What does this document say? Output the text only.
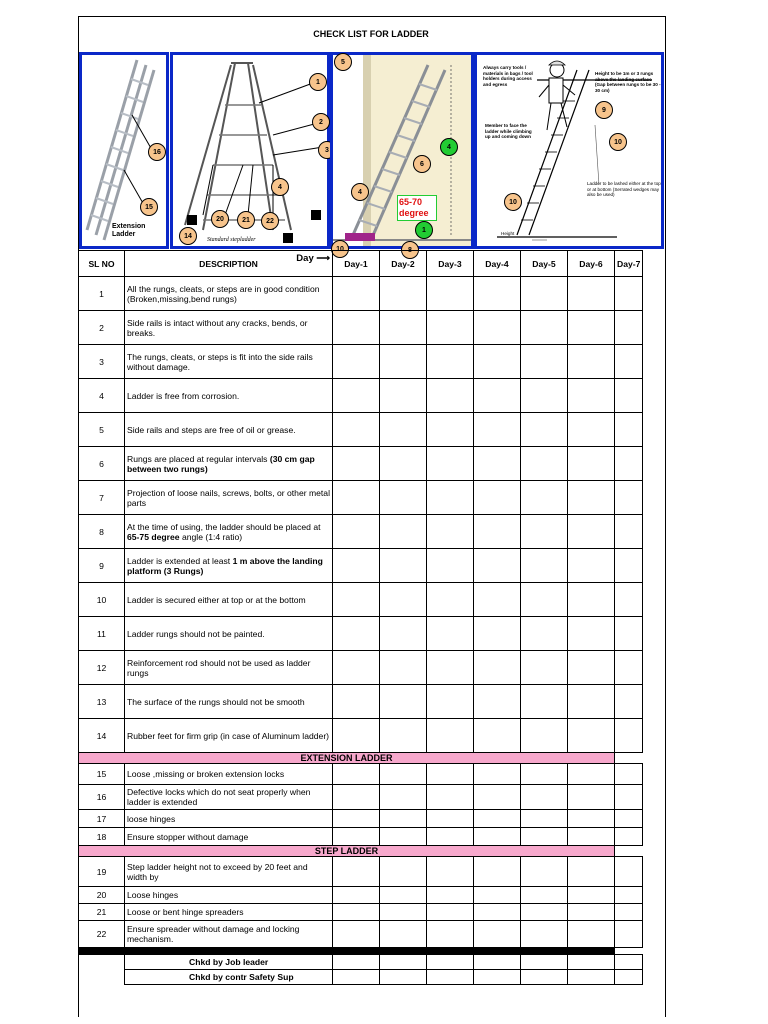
CHECK LIST FOR LADDER
16
15
Extension
Ladder	14
20	21	22
1
2
3
4
Standard stepladder
5
4
6
4
10	8
1
65-70
degree
Always carry tools / materials in bags / tool holders during access and egress
Member to face the ladder while climbing up and coming down
Height to be 1m or 3 rungs above the landing surface (Gap between rungs to be 30 - 30 cm)
Ladder to be lashed either at the top or at bottom (Serrated wedges may also be used)
Height
9
10
10
SL NO	DESCRIPTION Day ⟶	Day-1	Day-2	Day-3	Day-4	Day-5	Day-6	Day-7
1	All the rungs, cleats, or steps are in good condition (Broken,missing,bend rungs)							
2	Side rails is intact without any cracks, bends, or breaks.							
3	The rungs, cleats, or steps is fit into the side rails without damage.							
4	Ladder is free from corrosion.							
5	Side rails and steps are free of oil or grease.							
6	Rungs are placed at regular intervals (30 cm gap between two rungs)							
7	Projection of loose nails, screws, bolts, or other metal parts							
8	At the time of using, the ladder should be placed at 65-75 degree angle (1:4 ratio)							
9	Ladder is extended at least 1 m above the landing platform (3 Rungs)							
10	Ladder is secured either at top or at the bottom							
11	Ladder rungs should not be painted.							
12	Reinforcement rod should not be used as ladder rungs							
13	The surface of the rungs should not be smooth							
14	Rubber feet for firm grip (in case of Aluminum ladder)							
EXTENSION LADDER								
15	Loose ,missing or broken extension locks							
16	Defective locks which do not seat properly when ladder is extended							
17	loose hinges							
18	Ensure stopper without damage							
STEP LADDER								
19	Step ladder height not to exceed by 20 feet and width by							
20	Loose hinges							
21	Loose or bent hinge spreaders							
22	Ensure spreader without damage and locking mechanism.							

	Chkd by Job leader							
	Chkd by contr Safety Sup							
